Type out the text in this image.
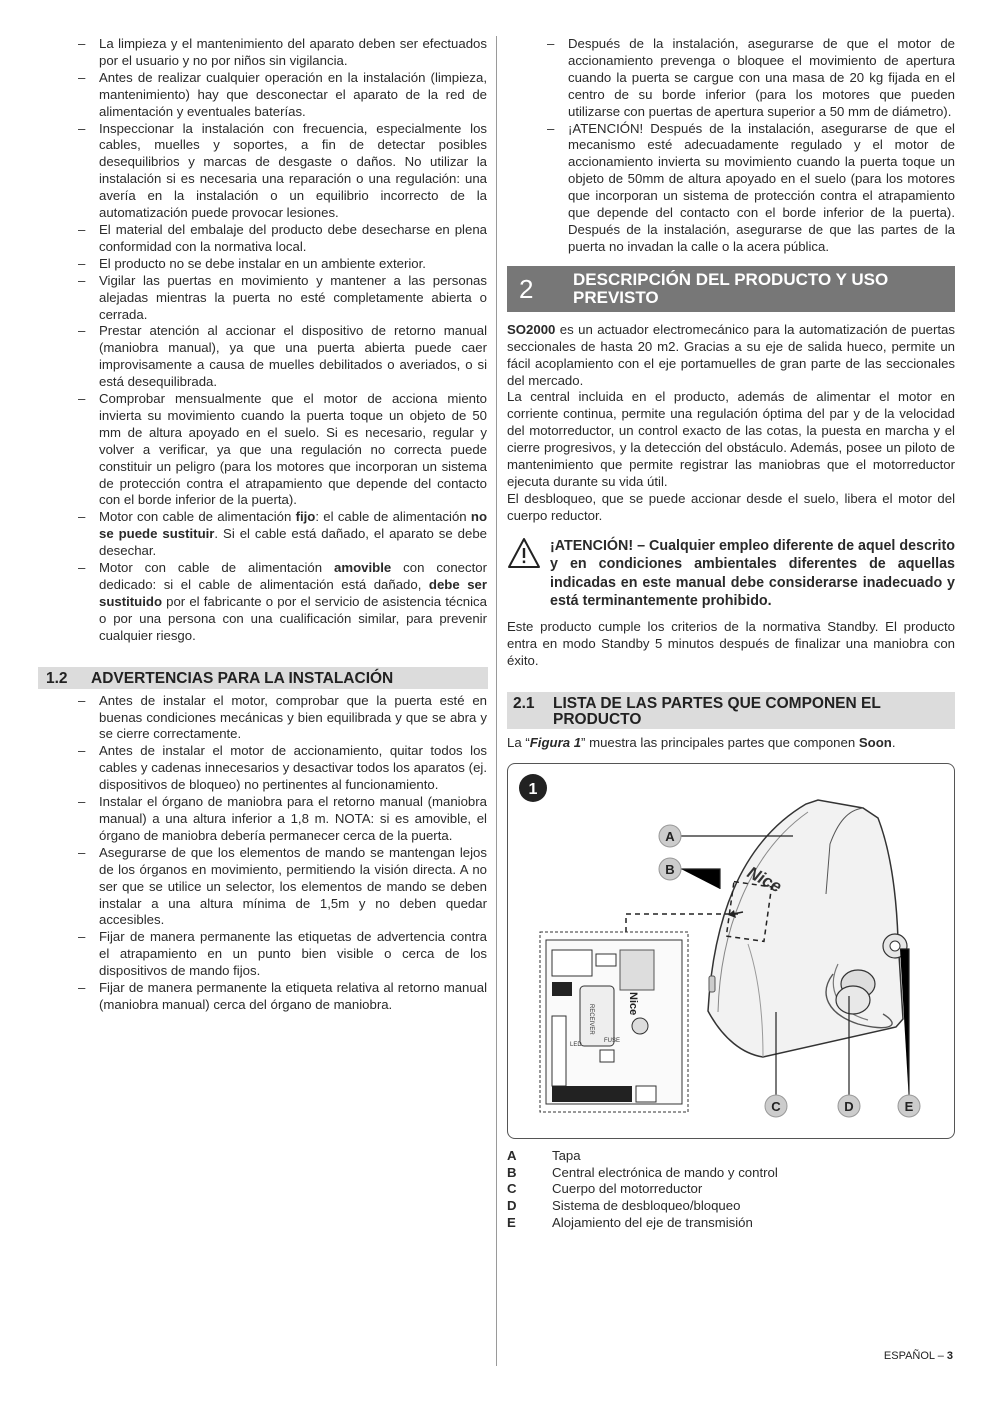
– La limpieza y el mantenimiento del aparato deben ser efectuados por el usuario y no por niños sin vigilancia.
– Antes de realizar cualquier operación en la instalación (limpieza, mantenimiento) hay que desconectar el aparato de la red de alimentación y eventuales baterías.
– Inspeccionar la instalación con frecuencia, especialmente los cables, muelles y soportes, a fin de detectar posibles desequilibrios y marcas de desgaste o daños. No utilizar la instalación si es necesaria una reparación o una regulación: una avería en la instalación o un equilibrio incorrecto de la automatización puede provocar lesiones.
– El material del embalaje del producto debe desecharse en plena conformidad con la normativa local.
– El producto no se debe instalar en un ambiente exterior.
– Vigilar las puertas en movimiento y mantener a las personas alejadas mientras la puerta no esté completamente abierta o cerrada.
– Prestar atención al accionar el dispositivo de retorno manual (maniobra manual), ya que una puerta abierta puede caer improvisamente a causa de muelles debilitados o averiados, o si está desequilibrada.
– Comprobar mensualmente que el motor de acciona miento invierta su movimiento cuando la puerta toque un objeto de 50 mm de altura apoyado en el suelo. Si es necesario, regular y volver a verificar, ya que una regulación no correcta puede constituir un peligro (para los motores que incorporan un sistema de protección contra el atrapamiento que depende del contacto con el borde inferior de la puerta).
– Motor con cable de alimentación fijo: el cable de alimentación no se puede sustituir. Si el cable está dañado, el aparato se debe desechar.
– Motor con cable de alimentación amovible con conector dedicado: si el cable de alimentación está dañado, debe ser sustituido por el fabricante o por el servicio de asistencia técnica o por una persona con una cualificación similar, para prevenir cualquier riesgo.
1.2	ADVERTENCIAS PARA LA INSTALACIÓN
– Antes de instalar el motor, comprobar que la puerta esté en buenas condiciones mecánicas y bien equilibrada y que se abra y se cierre correctamente.
– Antes de instalar el motor de accionamiento, quitar todos los cables y cadenas innecesarios y desactivar todos los aparatos (ej. dispositivos de bloqueo) no pertinentes al funcionamiento.
– Instalar el órgano de maniobra para el retorno manual (maniobra manual) a una altura inferior a 1,8 m. NOTA: si es amovible, el órgano de maniobra debería permanecer cerca de la puerta.
– Asegurarse de que los elementos de mando se mantengan lejos de los órganos en movimiento, permitiendo la visión directa. A no ser que se utilice un selector, los elementos de mando se deben instalar a una altura mínima de 1,5m y no deben quedar accesibles.
– Fijar de manera permanente las etiquetas de advertencia contra el atrapamiento en un punto bien visible o cerca de los dispositivos de mando fijos.
– Fijar de manera permanente la etiqueta relativa al retorno manual (maniobra manual) cerca del órgano de maniobra.
– Después de la instalación, asegurarse de que el motor de accionamiento prevenga o bloquee el movimiento de apertura cuando la puerta se cargue con una masa de 20 kg fijada en el centro de su borde inferior (para los motores que pueden utilizarse con puertas de apertura superior a 50 mm de diámetro).
– ¡ATENCIÓN! Después de la instalación, asegurarse de que el mecanismo esté adecuadamente regulado y el motor de accionamiento invierta su movimiento cuando la puerta toque un objeto de 50mm de altura apoyado en el suelo (para los motores que incorporan un sistema de protección contra el atrapamiento que depende del contacto con el borde inferior de la puerta). Después de la instalación, asegurarse de que las partes de la puerta no invadan la calle o la acera pública.
2 DESCRIPCIÓN DEL PRODUCTO Y USO PREVISTO

SO2000 es un actuador electromecánico para la automatización de puertas seccionales de hasta 20 m2. Gracias a su eje de salida hueco, permite un fácil acoplamiento con el eje portamuelles de gran parte de las seccionales del mercado.

La central incluida en el producto, además de alimentar el motor en corriente continua, permite una regulación óptima del par y de la velocidad del motorreductor, un control exacto de las cotas, la puesta en marcha y el cierre progresivos, y la detección del obstáculo. Además, posee un piloto de mantenimiento que permite registrar las maniobras que el motorreductor ejecuta durante su vida útil.

El desbloqueo, que se puede accionar desde el suelo, libera el motor del cuerpo reductor.

¡ATENCIÓN! – Cualquier empleo diferente de aquel descrito y en condiciones ambientales diferentes de aquellas indicadas en este manual debe considerarse inadecuado y está terminantemente prohibido.

Este producto cumple los criterios de la normativa Standby. El producto entra en modo Standby 5 minutos después de finalizar una maniobra con éxito.

2.1	LISTA DE LAS PARTES QUE COMPONEN EL PRODUCTO

La “Figura 1” muestra las principales partes que componen Soon.

1
Nice
RECEIVER
Nice
FUSE
LED
A
B
C	D	E
A	Tapa
B	Central electrónica de mando y control
C	Cuerpo del motorreductor
D	Sistema de desbloqueo/bloqueo
E	Alojamiento del eje de transmisión
ESPAÑOL – 3
